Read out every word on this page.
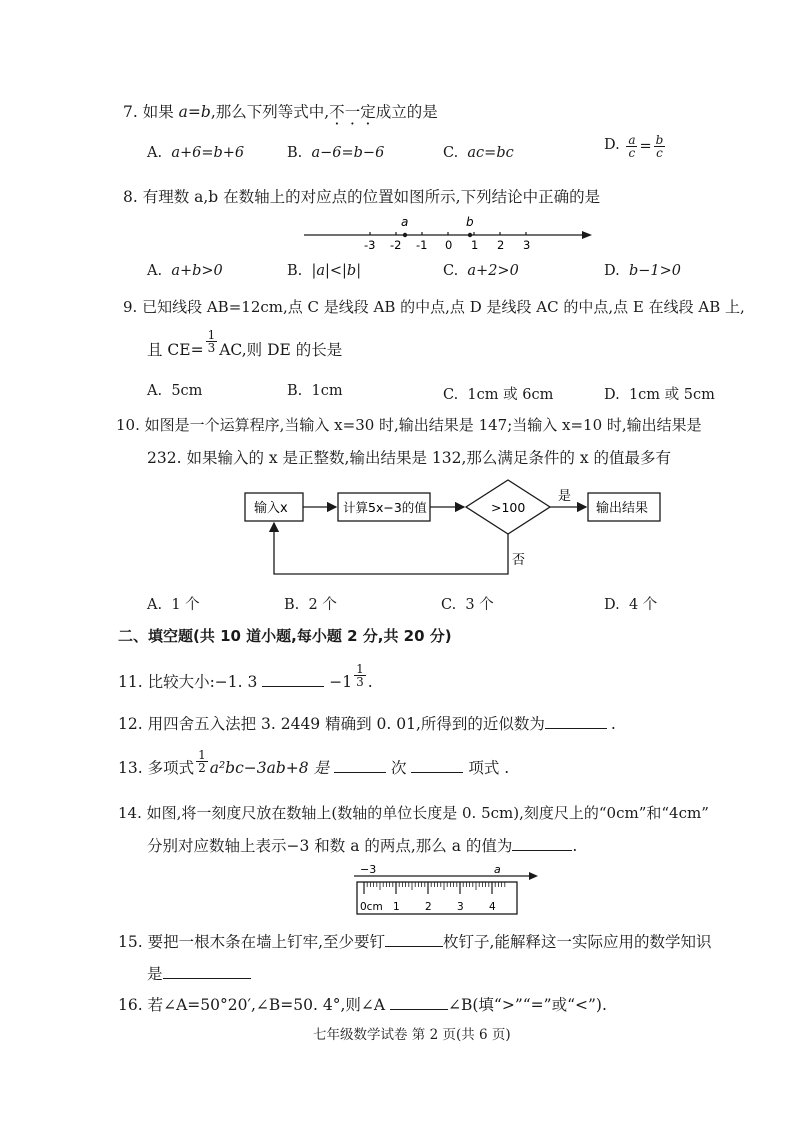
7. 如果 a=b,那么下列等式中,不一定成立的是
A. a+6=b+6	B. a−6=b−6	C. ac=bc
D. $\frac{a}{c} = \frac{b}{c}$
8. 有理数 a,b 在数轴上的对应点的位置如图所示,下列结论中正确的是
-3 -2 -1 0 1 2 3
a	b
A. a+b>0	B. |a|<|b|	C. a+2>0	D. b−1>0
9. 已知线段 AB=12cm,点 C 是线段 AB 的中点,点 D 是线段 AC 的中点,点 E 在线段 AB 上,
且 $CE= \frac{1}{3}$ AC,则 DE 的长是
A. 5cm	B. 1cm	C. 1cm 或 6cm	D. 1cm 或 5cm
10. 如图是一个运算程序,当输入 x=30 时,输出结果是 147;当输入 x=10 时,输出结果是
232. 如果输入的 x 是正整数,输出结果是 132,那么满足条件的 x 的值最多有
输入x	计算5x−3的值	>100
是
输出结果
否
A. 1 个	B. 2 个	C. 3 个	D. 4 个
二、填空题(共 10 道小题,每小题 2 分,共 20 分)
11. 比较大小:−1. 3	$-1 \frac{1}{3}$ .
12. 用四舍五入法把 3. 2449 精确到 0. 01,所得到的近似数为	.
13. 多项式 $\frac{1}{2} a^2bc-3ab+8$ 是	次	项式 .
14. 如图,将一刻度尺放在数轴上(数轴的单位长度是 0. 5cm),刻度尺上的“0cm”和“4cm”
分别对应数轴上表示−3 和数 a 的两点,那么 a 的值为	.
−3	a
0cm 1 2 3 4
15. 要把一根木条在墙上钉牢,至少要钉	枚钉子,能解释这一实际应用的数学知识
是
16. 若∠A=50°20′,∠B=50. 4°,则∠A	∠B(填“>”“=”或“<”).
七年级数学试卷 第 2 页(共 6 页)
